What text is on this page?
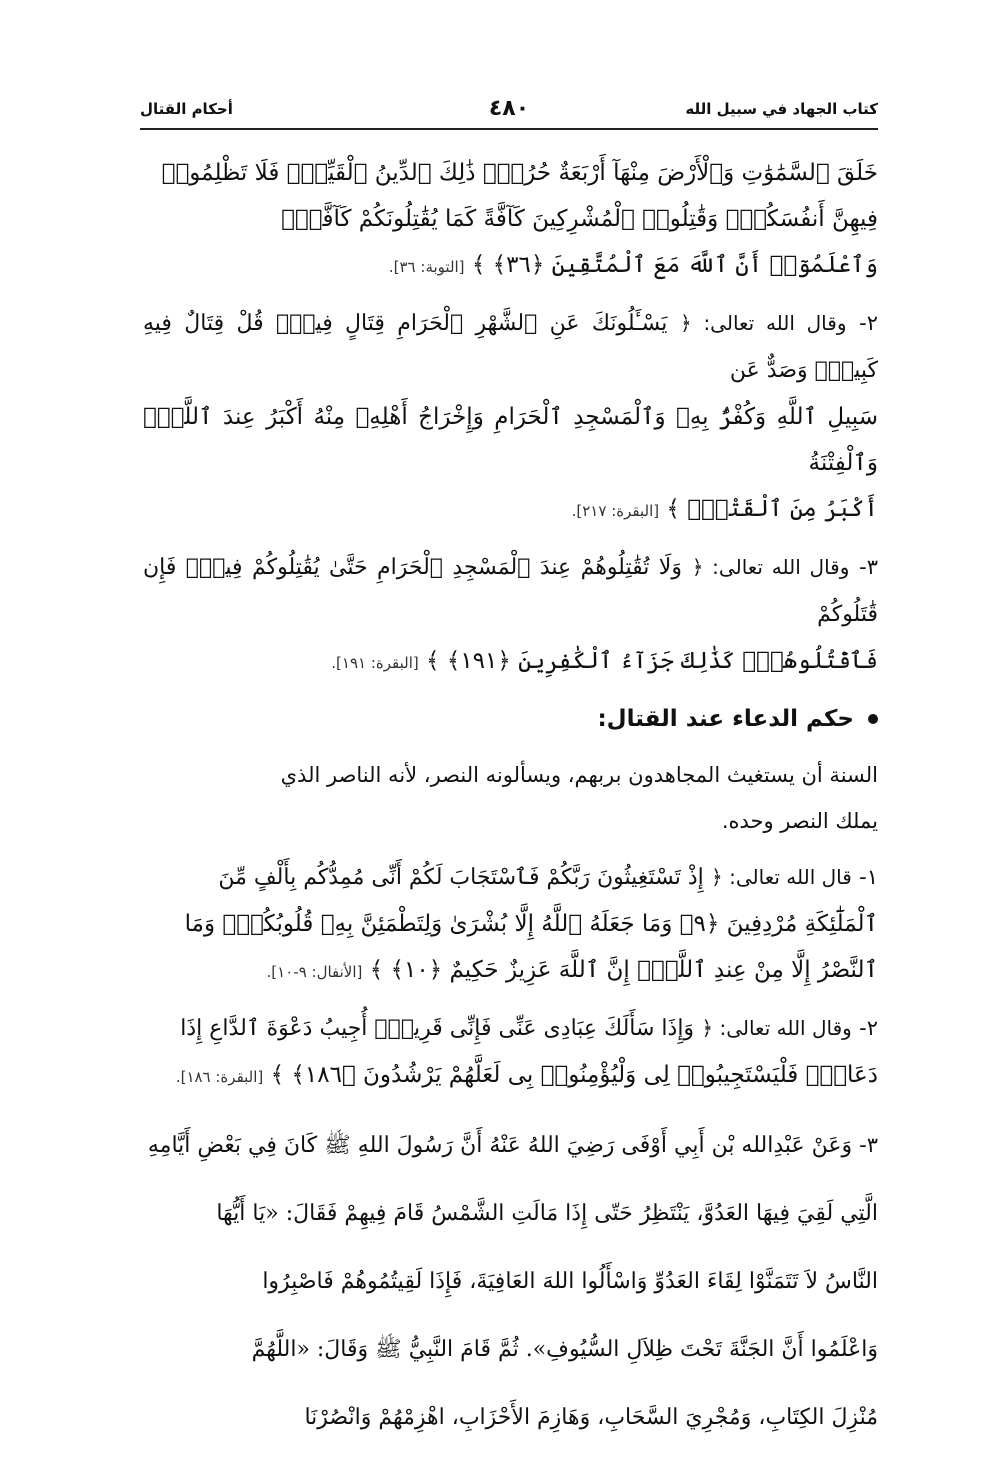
كتاب الجهاد في سبيل الله
٤٨٠
أحكام القتال

خَلَقَ ٱلسَّمَٰوَٰتِ وَٱلْأَرْضَ مِنْهَآ أَرْبَعَةٌ حُرُمٌۚ ذَٰلِكَ ٱلدِّينُ ٱلْقَيِّمُۚ فَلَا تَظْلِمُوا۟

فِيهِنَّ أَنفُسَكُمْۚ وَقَٰتِلُوا۟ ٱلْمُشْرِكِينَ كَآفَّةً كَمَا يُقَٰتِلُونَكُمْ كَآفَّةًۚ

وَٱعْلَمُوٓا۟ أَنَّ ٱللَّهَ مَعَ ٱلْمُتَّقِينَ ﴿٣٦﴾ ﴾ [التوبة: ٣٦].

٢- وقال الله تعالى: ﴿ يَسْـَٔلُونَكَ عَنِ ٱلشَّهْرِ ٱلْحَرَامِ قِتَالٍ فِيهِۖ قُلْ قِتَالٌ فِيهِ كَبِيرٌۖ وَصَدٌّ عَن

سَبِيلِ ٱللَّهِ وَكُفْرٌۢ بِهِۦ وَٱلْمَسْجِدِ ٱلْحَرَامِ وَإِخْرَاجُ أَهْلِهِۦ مِنْهُ أَكْبَرُ عِندَ ٱللَّهِۚ وَٱلْفِتْنَةُ

أَكْبَرُ مِنَ ٱلْقَتْلِۗ ﴾ [البقرة: ٢١٧].

٣- وقال الله تعالى: ﴿ وَلَا تُقَٰتِلُوهُمْ عِندَ ٱلْمَسْجِدِ ٱلْحَرَامِ حَتَّىٰ يُقَٰتِلُوكُمْ فِيهِۖ فَإِن قَٰتَلُوكُمْ

فَٱقْتُلُوهُمْۗ كَذَٰلِكَ جَزَآءُ ٱلْكَٰفِرِينَ ﴿١٩١﴾ ﴾ [البقرة: ١٩١].

حكم الدعاء عند القتال:

السنة أن يستغيث المجاهدون بربهم، ويسألونه النصر، لأنه الناصر الذي

يملك النصر وحده.

١- قال الله تعالى: ﴿ إِذْ تَسْتَغِيثُونَ رَبَّكُمْ فَٱسْتَجَابَ لَكُمْ أَنِّى مُمِدُّكُم بِأَلْفٍ مِّنَ

ٱلْمَلَٰٓئِكَةِ مُرْدِفِينَ ﴿٩﴾ وَمَا جَعَلَهُ ٱللَّهُ إِلَّا بُشْرَىٰ وَلِتَطْمَئِنَّ بِهِۦ قُلُوبُكُمْۚ وَمَا

ٱلنَّصْرُ إِلَّا مِنْ عِندِ ٱللَّهِۚ إِنَّ ٱللَّهَ عَزِيزٌ حَكِيمٌ ﴿١٠﴾ ﴾ [الأنفال: ٩-١٠].

٢- وقال الله تعالى: ﴿ وَإِذَا سَأَلَكَ عِبَادِى عَنِّى فَإِنِّى قَرِيبٌۖ أُجِيبُ دَعْوَةَ ٱلدَّاعِ إِذَا

دَعَانِۖ فَلْيَسْتَجِيبُوا۟ لِى وَلْيُؤْمِنُوا۟ بِى لَعَلَّهُمْ يَرْشُدُونَ ﴿١٨٦﴾ ﴾ [البقرة: ١٨٦].

٣- وَعَنْ عَبْدِالله بْن أَبِي أَوْفَى رَضِيَ اللهُ عَنْهُ أَنَّ رَسُولَ اللهِ ﷺ كَانَ فِي بَعْضِ أَيَّامِهِ

الَّتِي لَقِيَ فِيهَا العَدُوَّ، يَنْتَظِرُ حَتّى إِذَا مَالَتِ الشَّمْسُ قَامَ فِيهِمْ فَقَالَ: «يَا أَيُّهَا

النَّاسُ لاَ تَتَمَنَّوْا لِقَاءَ العَدُوِّ وَاسْأَلُوا اللهَ العَافِيَةَ، فَإِذَا لَقِيتُمُوهُمْ فَاصْبِرُوا

وَاعْلَمُوا أَنَّ الجَنَّةَ تَحْتَ ظِلاَلِ السُّيُوفِ». ثُمَّ قَامَ النَّبِيُّ ﷺ وَقَالَ: «اللَّهُمَّ

مُنْزِلَ الكِتَابِ، وَمُجْرِيَ السَّحَابِ، وَهَازِمَ الأَحْزَابِ، اهْزِمْهُمْ وَانْصُرْنَا
